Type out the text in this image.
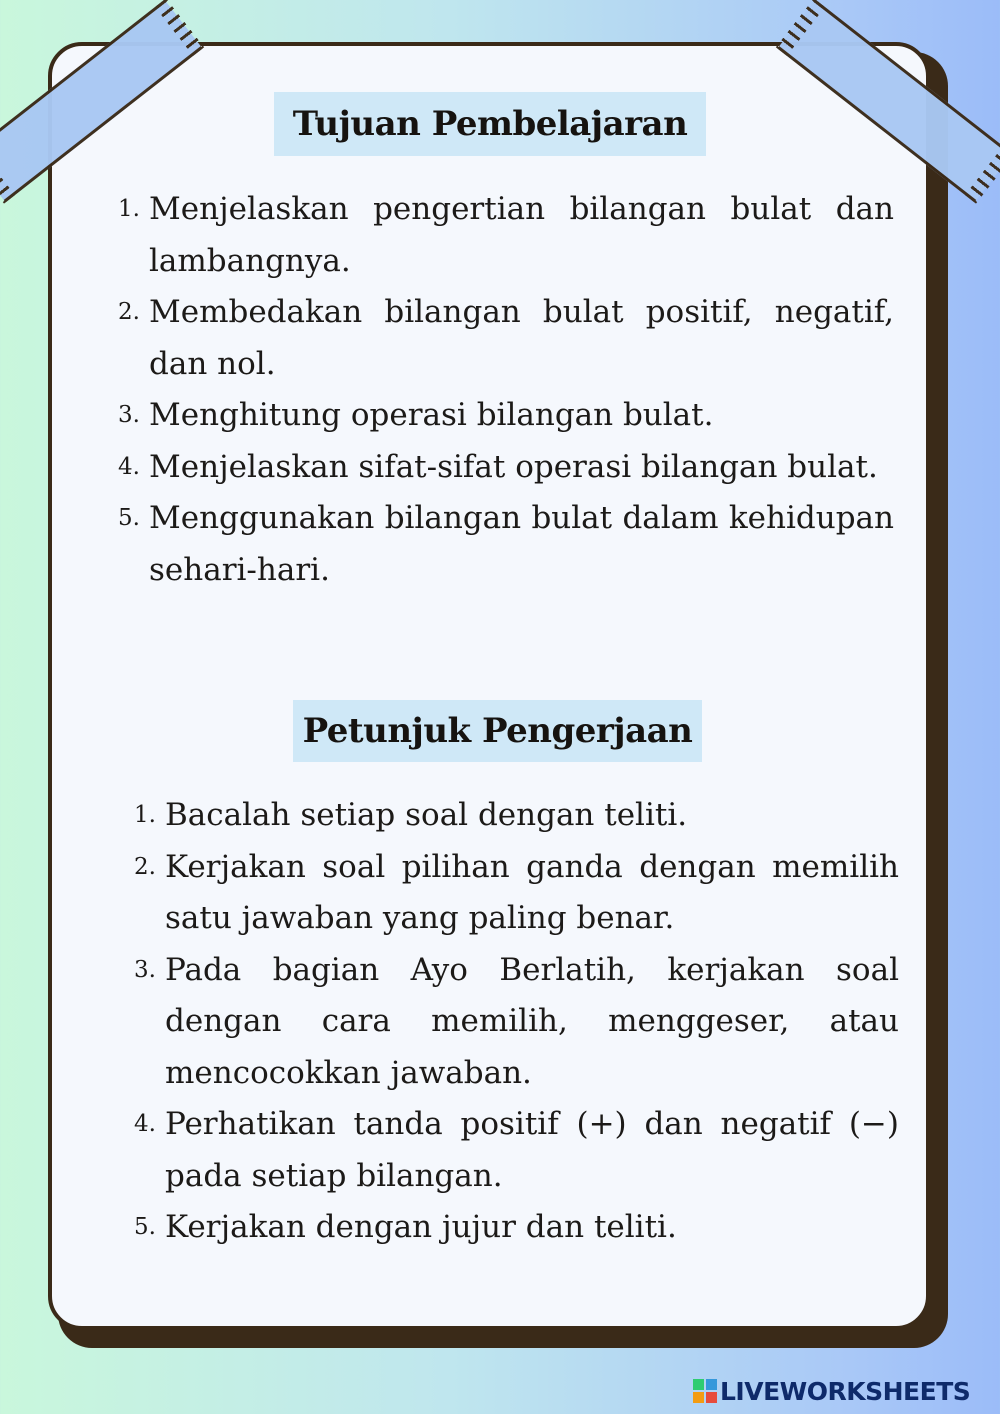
Tujuan Pembelajaran
1. Menjelaskan pengertian bilangan bulat dan lambangnya.
2. Membedakan bilangan bulat positif, negatif, dan nol.
3. Menghitung operasi bilangan bulat.
4. Menjelaskan sifat-sifat operasi bilangan bulat.
5. Menggunakan bilangan bulat dalam kehidupan sehari-hari.
Petunjuk Pengerjaan
1. Bacalah setiap soal dengan teliti.
2. Kerjakan soal pilihan ganda dengan memilih satu jawaban yang paling benar.
3. Pada bagian Ayo Berlatih, kerjakan soal dengan cara memilih, menggeser, atau mencocokkan jawaban.
4. Perhatikan tanda positif (+) dan negatif (−) pada setiap bilangan.
5. Kerjakan dengan jujur dan teliti.
LIVEWORKSHEETS
